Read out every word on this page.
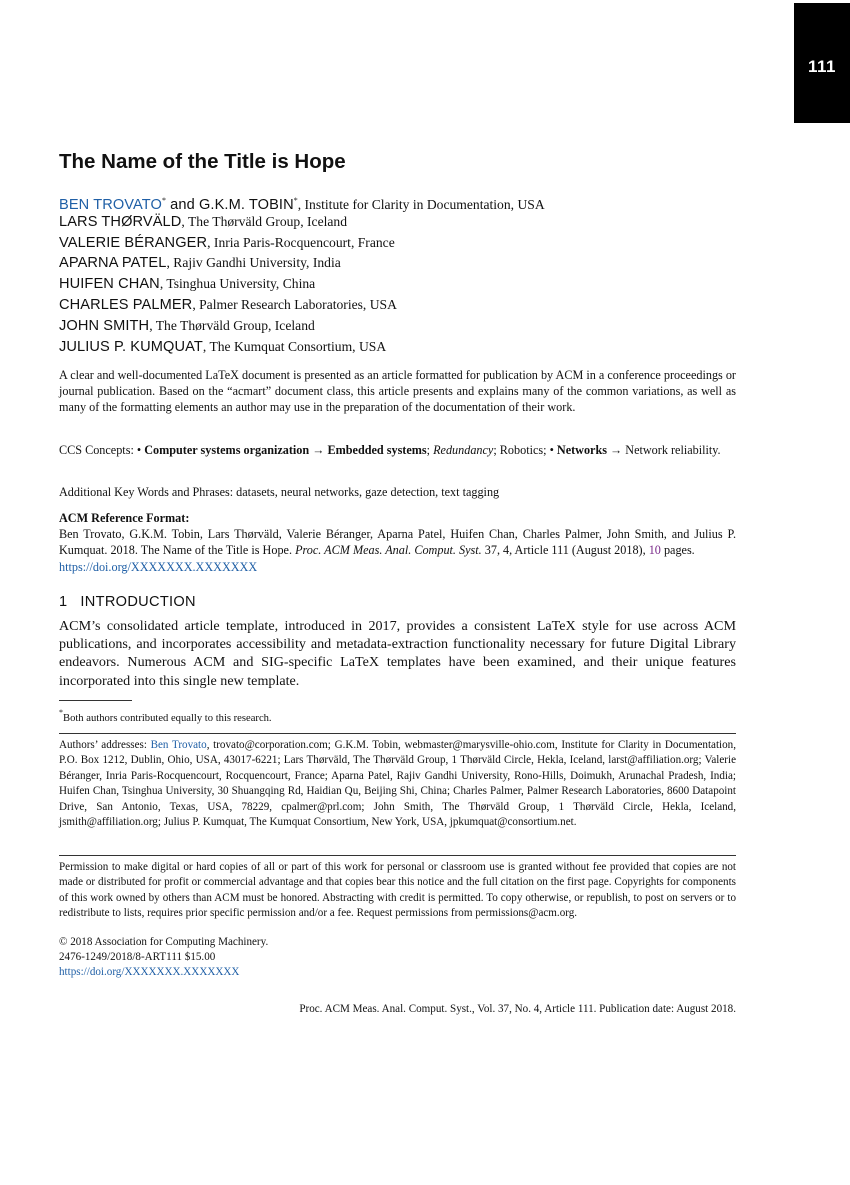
111
The Name of the Title is Hope
BEN TROVATO* and G.K.M. TOBIN*, Institute for Clarity in Documentation, USA
LARS THØRVÄLD, The Thørväld Group, Iceland
VALERIE BÉRANGER, Inria Paris-Rocquencourt, France
APARNA PATEL, Rajiv Gandhi University, India
HUIFEN CHAN, Tsinghua University, China
CHARLES PALMER, Palmer Research Laboratories, USA
JOHN SMITH, The Thørväld Group, Iceland
JULIUS P. KUMQUAT, The Kumquat Consortium, USA

A clear and well-documented LaTeX document is presented as an article formatted for publication by ACM in a conference proceedings or journal publication. Based on the “acmart” document class, this article presents and explains many of the common variations, as well as many of the formatting elements an author may use in the preparation of the documentation of their work.

CCS Concepts: • Computer systems organization → Embedded systems; Redundancy; Robotics; • Networks → Network reliability.

Additional Key Words and Phrases: datasets, neural networks, gaze detection, text tagging

ACM Reference Format:

Ben Trovato, G.K.M. Tobin, Lars Thørväld, Valerie Béranger, Aparna Patel, Huifen Chan, Charles Palmer, John Smith, and Julius P. Kumquat. 2018. The Name of the Title is Hope. Proc. ACM Meas. Anal. Comput. Syst. 37, 4, Article 111 (August 2018), 10 pages.
https://doi.org/XXXXXXX.XXXXXXX

1 INTRODUCTION

ACM’s consolidated article template, introduced in 2017, provides a consistent LaTeX style for use across ACM publications, and incorporates accessibility and metadata-extraction functionality necessary for future Digital Library endeavors. Numerous ACM and SIG-specific LaTeX templates have been examined, and their unique features incorporated into this single new template.

*Both authors contributed equally to this research.

Authors’ addresses: Ben Trovato, trovato@corporation.com; G.K.M. Tobin, webmaster@marysville-ohio.com, Institute for Clarity in Documentation, P.O. Box 1212, Dublin, Ohio, USA, 43017-6221; Lars Thørväld, The Thørväld Group, 1 Thørväld Circle, Hekla, Iceland, larst@affiliation.org; Valerie Béranger, Inria Paris-Rocquencourt, Rocquencourt, France; Aparna Patel, Rajiv Gandhi University, Rono-Hills, Doimukh, Arunachal Pradesh, India; Huifen Chan, Tsinghua University, 30 Shuangqing Rd, Haidian Qu, Beijing Shi, China; Charles Palmer, Palmer Research Laboratories, 8600 Datapoint Drive, San Antonio, Texas, USA, 78229, cpalmer@prl.com; John Smith, The Thørväld Group, 1 Thørväld Circle, Hekla, Iceland, jsmith@affiliation.org; Julius P. Kumquat, The Kumquat Consortium, New York, USA, jpkumquat@consortium.net.

Permission to make digital or hard copies of all or part of this work for personal or classroom use is granted without fee provided that copies are not made or distributed for profit or commercial advantage and that copies bear this notice and the full citation on the first page. Copyrights for components of this work owned by others than ACM must be honored. Abstracting with credit is permitted. To copy otherwise, or republish, to post on servers or to redistribute to lists, requires prior specific permission and/or a fee. Request permissions from permissions@acm.org.

© 2018 Association for Computing Machinery.

2476-1249/2018/8-ART111 $15.00

https://doi.org/XXXXXXX.XXXXXXX

Proc. ACM Meas. Anal. Comput. Syst., Vol. 37, No. 4, Article 111. Publication date: August 2018.
